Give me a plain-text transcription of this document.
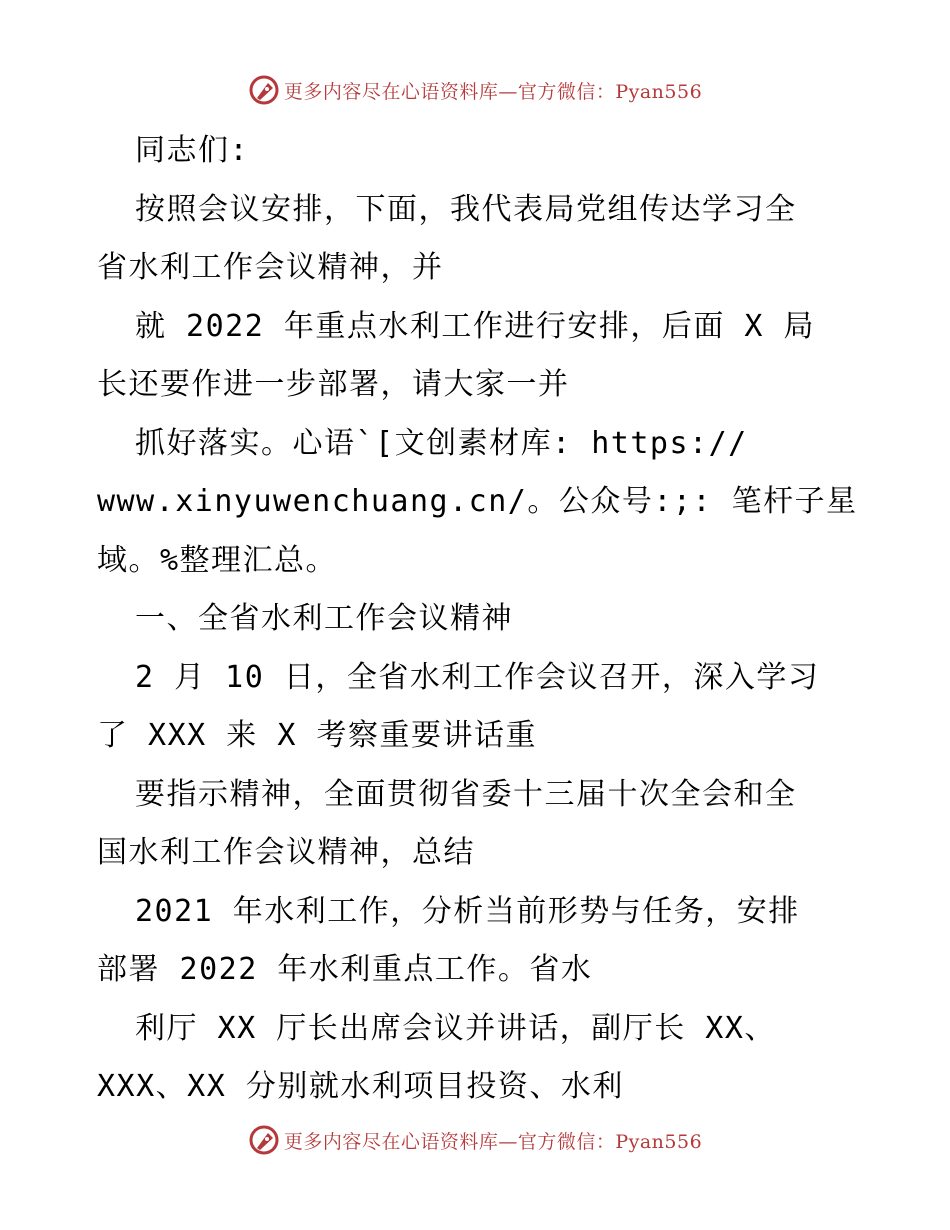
更多内容尽在心语资料库—官方微信：Pyan556
同志们:
按照会议安排，下面，我代表局党组传达学习全
省水利工作会议精神，并
就 2022 年重点水利工作进行安排，后面 X 局
长还要作进一步部署，请大家一并
抓好落实。心语`[文创素材库: https://
www.xinyuwenchuang.cn/。公众号:;: 笔杆子星
域。%整理汇总。
一、全省水利工作会议精神
2 月 10 日，全省水利工作会议召开，深入学习
了 XXX 来 X 考察重要讲话重
要指示精神，全面贯彻省委十三届十次全会和全
国水利工作会议精神，总结
2021 年水利工作，分析当前形势与任务，安排
部署 2022 年水利重点工作。省水
利厅 XX 厅长出席会议并讲话，副厅长 XX、
XXX、XX 分别就水利项目投资、水利
更多内容尽在心语资料库—官方微信：Pyan556
